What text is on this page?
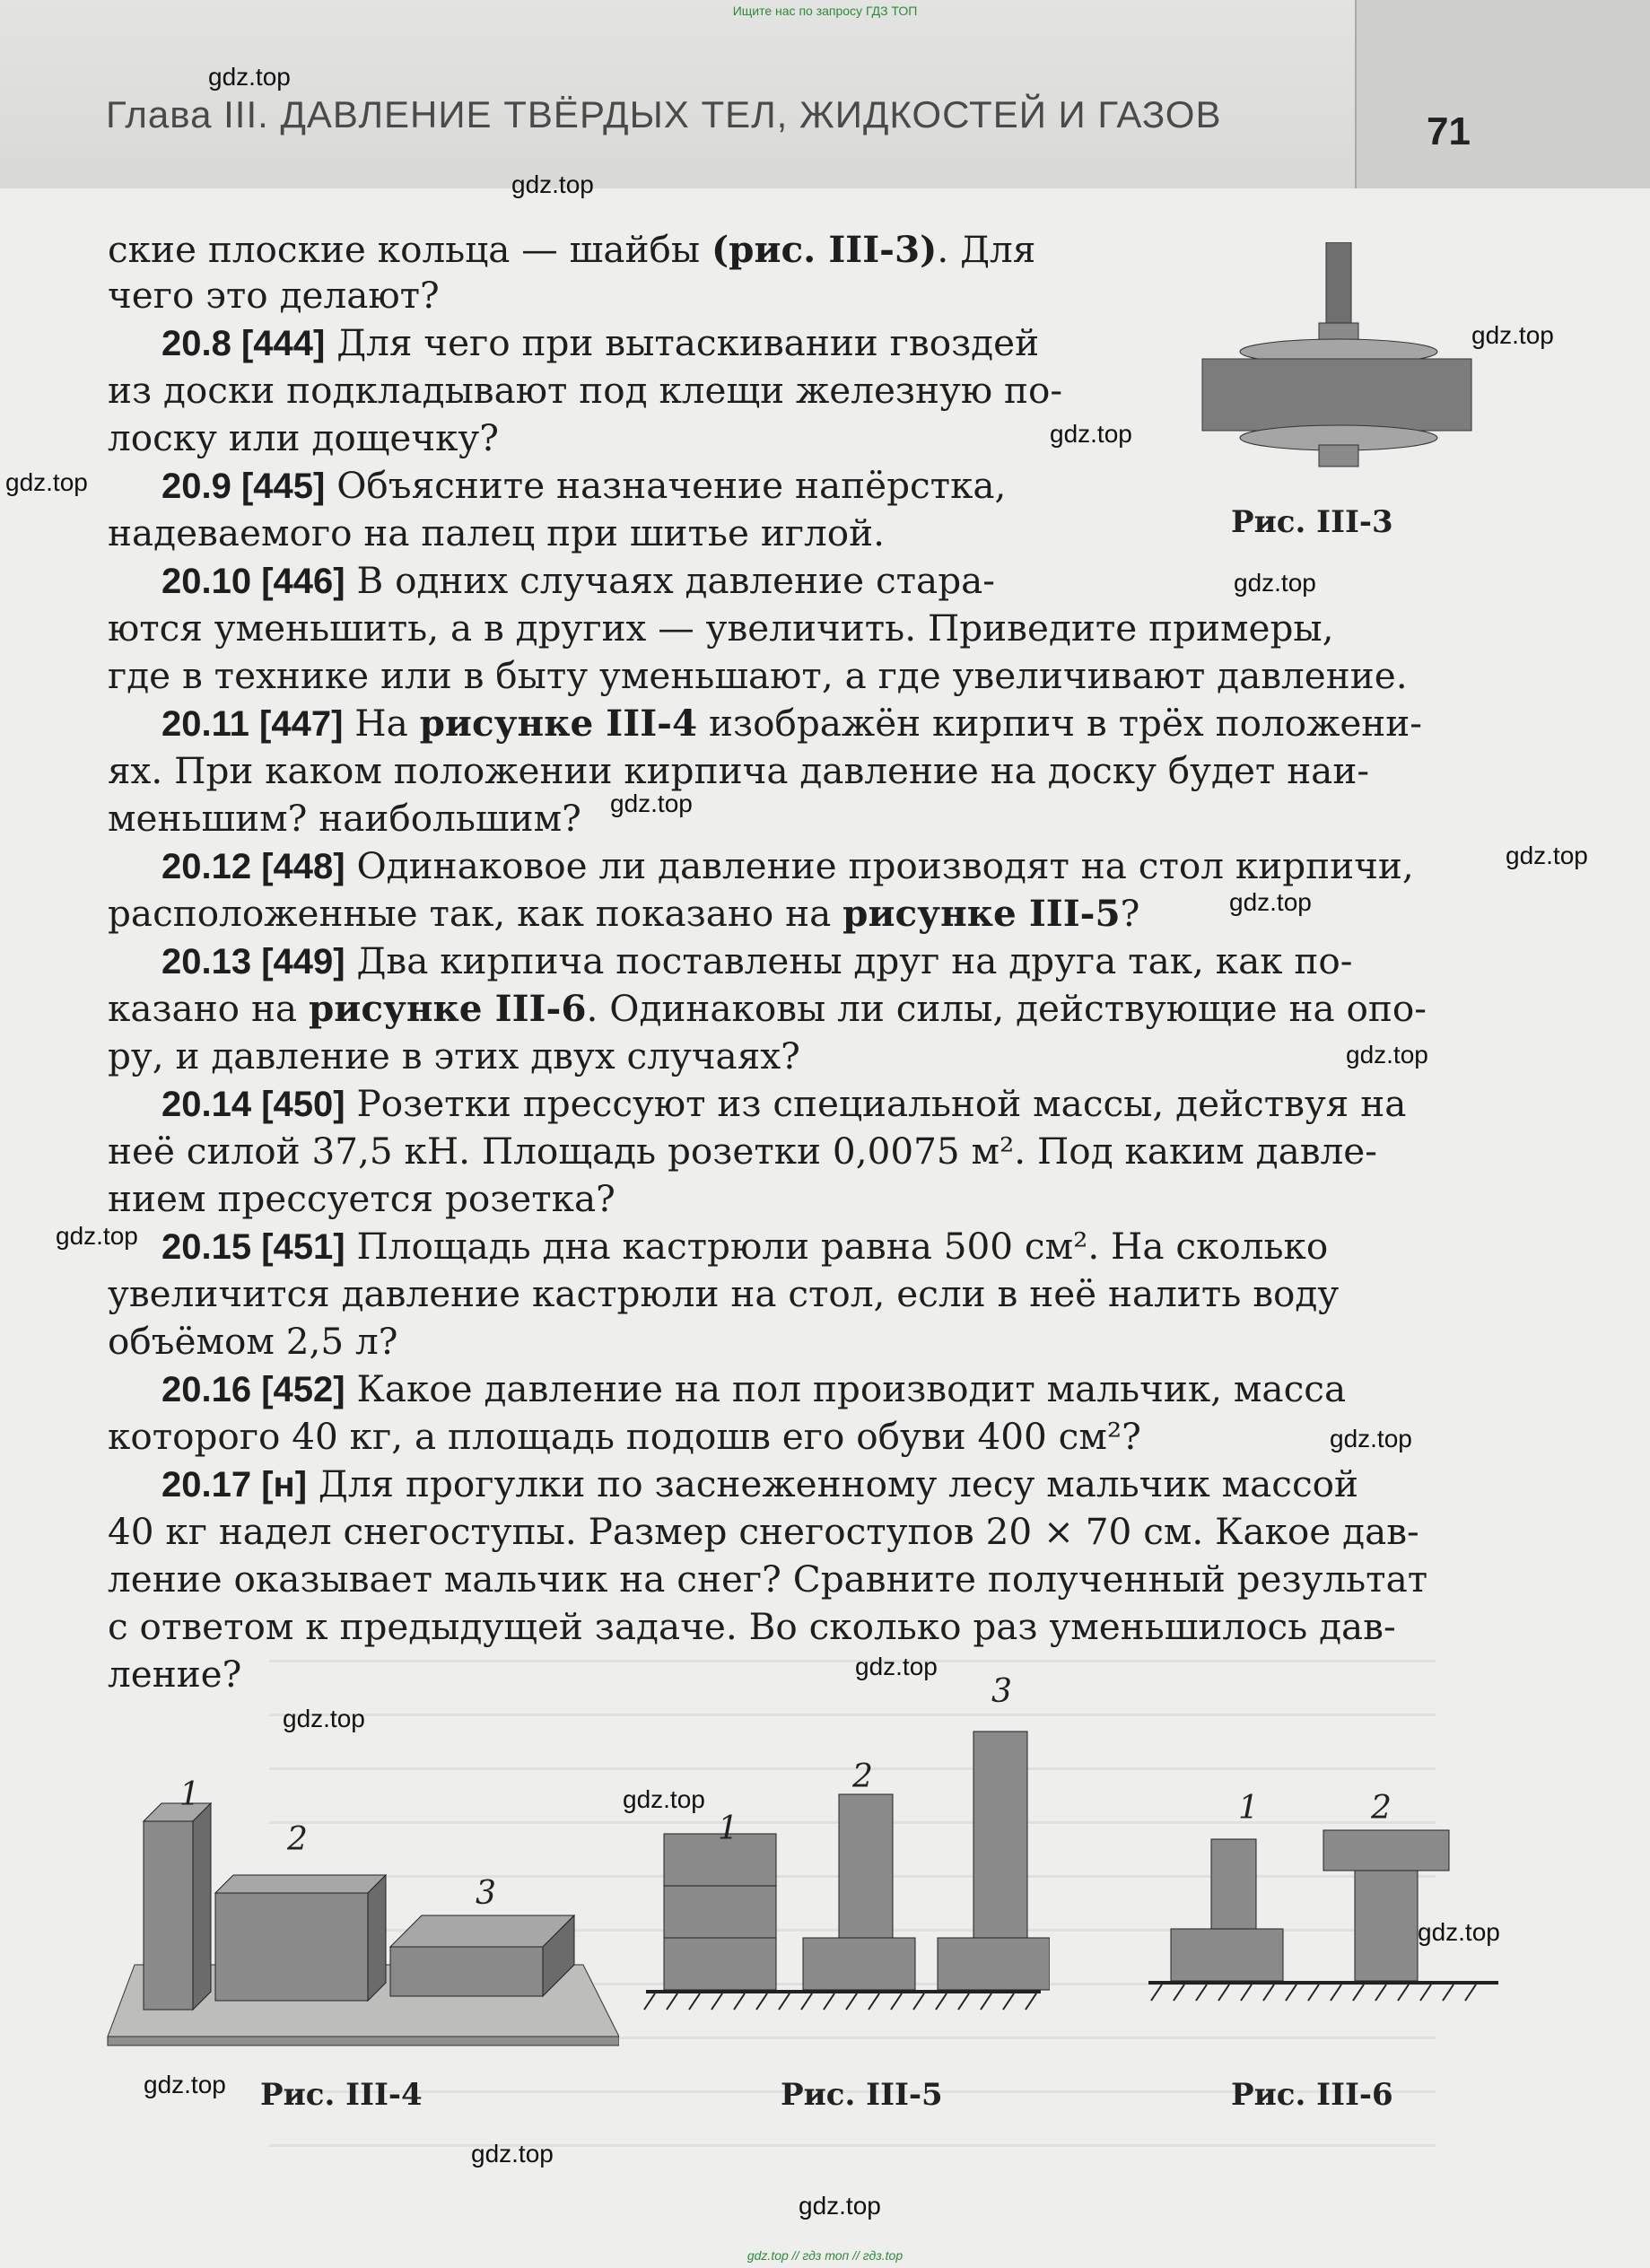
Ищите нас по запросу ГДЗ ТОП
Глава III. ДАВЛЕНИЕ ТВЁРДЫХ ТЕЛ, ЖИДКОСТЕЙ И ГАЗОВ	71
ские плоские кольца — шайбы (рис. III-3). Для
чего это делают?
20.8 [444] Для чего при вытаскивании гвоздей
из доски подкладывают под клещи железную по-
лоску или дощечку?
20.9 [445] Объясните назначение напёрстка,
надеваемого на палец при шитье иглой.
20.10 [446] В одних случаях давление стара-
ются уменьшить, а в других — увеличить. Приведите примеры,
где в технике или в быту уменьшают, а где увеличивают давление.
20.11 [447] На рисунке III-4 изображён кирпич в трёх положени-
ях. При каком положении кирпича давление на доску будет наи-
меньшим? наибольшим?
20.12 [448] Одинаковое ли давление производят на стол кирпичи,
расположенные так, как показано на рисунке III-5?
20.13 [449] Два кирпича поставлены друг на друга так, как по-
казано на рисунке III-6. Одинаковы ли силы, действующие на опо-
ру, и давление в этих двух случаях?
20.14 [450] Розетки прессуют из специальной массы, действуя на
неё силой 37,5 кН. Площадь розетки 0,0075 м². Под каким давле-
нием прессуется розетка?
20.15 [451] Площадь дна кастрюли равна 500 см². На сколько
увеличится давление кастрюли на стол, если в неё налить воду
объёмом 2,5 л?
20.16 [452] Какое давление на пол производит мальчик, масса
которого 40 кг, а площадь подошв его обуви 400 см²?
20.17 [н] Для прогулки по заснеженному лесу мальчик массой
40 кг надел снегоступы. Размер снегоступов 20 × 70 см. Какое дав-
ление оказывает мальчик на снег? Сравните полученный результат
с ответом к предыдущей задаче. Во сколько раз уменьшилось дав-
ление?
Рис. III-3
1
2
3
Рис. III-4
1
2
3
Рис. III-5
1	2
Рис. III-6
gdz.top
gdz.top
gdz.top
gdz.top
gdz.top
gdz.top
gdz.top
gdz.top
gdz.top
gdz.top
gdz.top
gdz.top
gdz.top
gdz.top
gdz.top
gdz.top
gdz.top
gdz.top
gdz.top
gdz.top // гдз топ // гдз.top
